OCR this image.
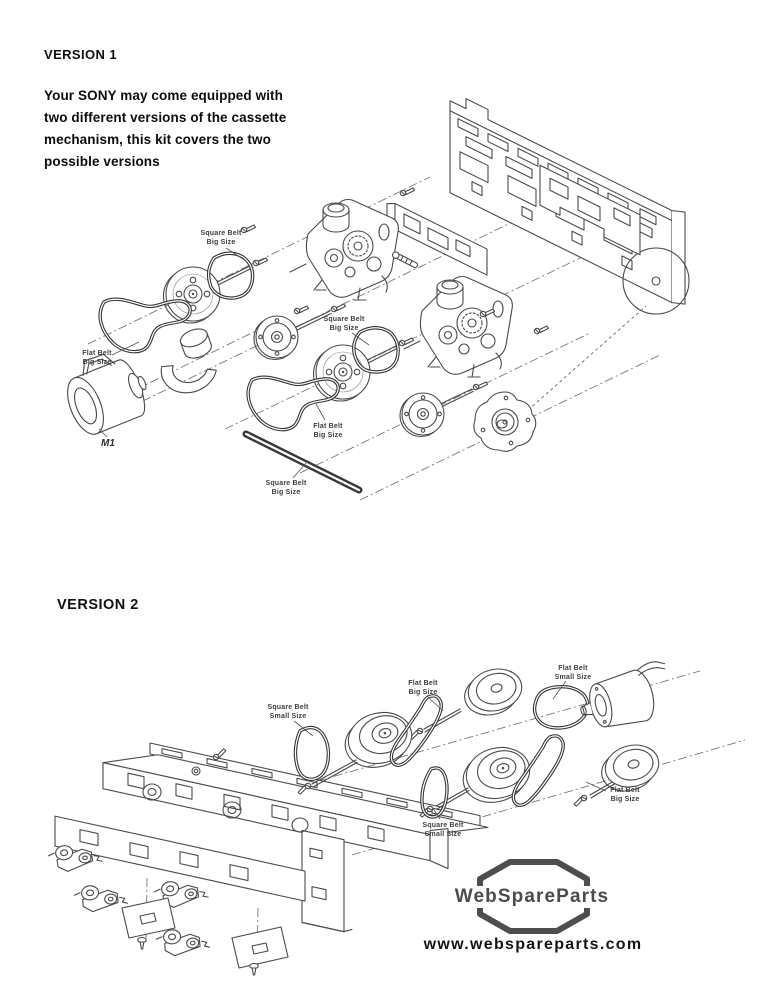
VERSION 1
Your SONY may come equipped with
two different versions of the cassette
mechanism, this kit covers the two
possible versions
VERSION 2
Square Belt
Big Size
Square Belt
Big Size
Flat Belt
Big Size
Flat Belt
Big Size
Square Belt
Big Size
M1
Square Belt
Small Size
Flat Belt
Big Size
Flat Belt
Small Size
Flat Belt
Big Size
Square Belt
Small Size
WebSpareParts
www.webspareparts.com
